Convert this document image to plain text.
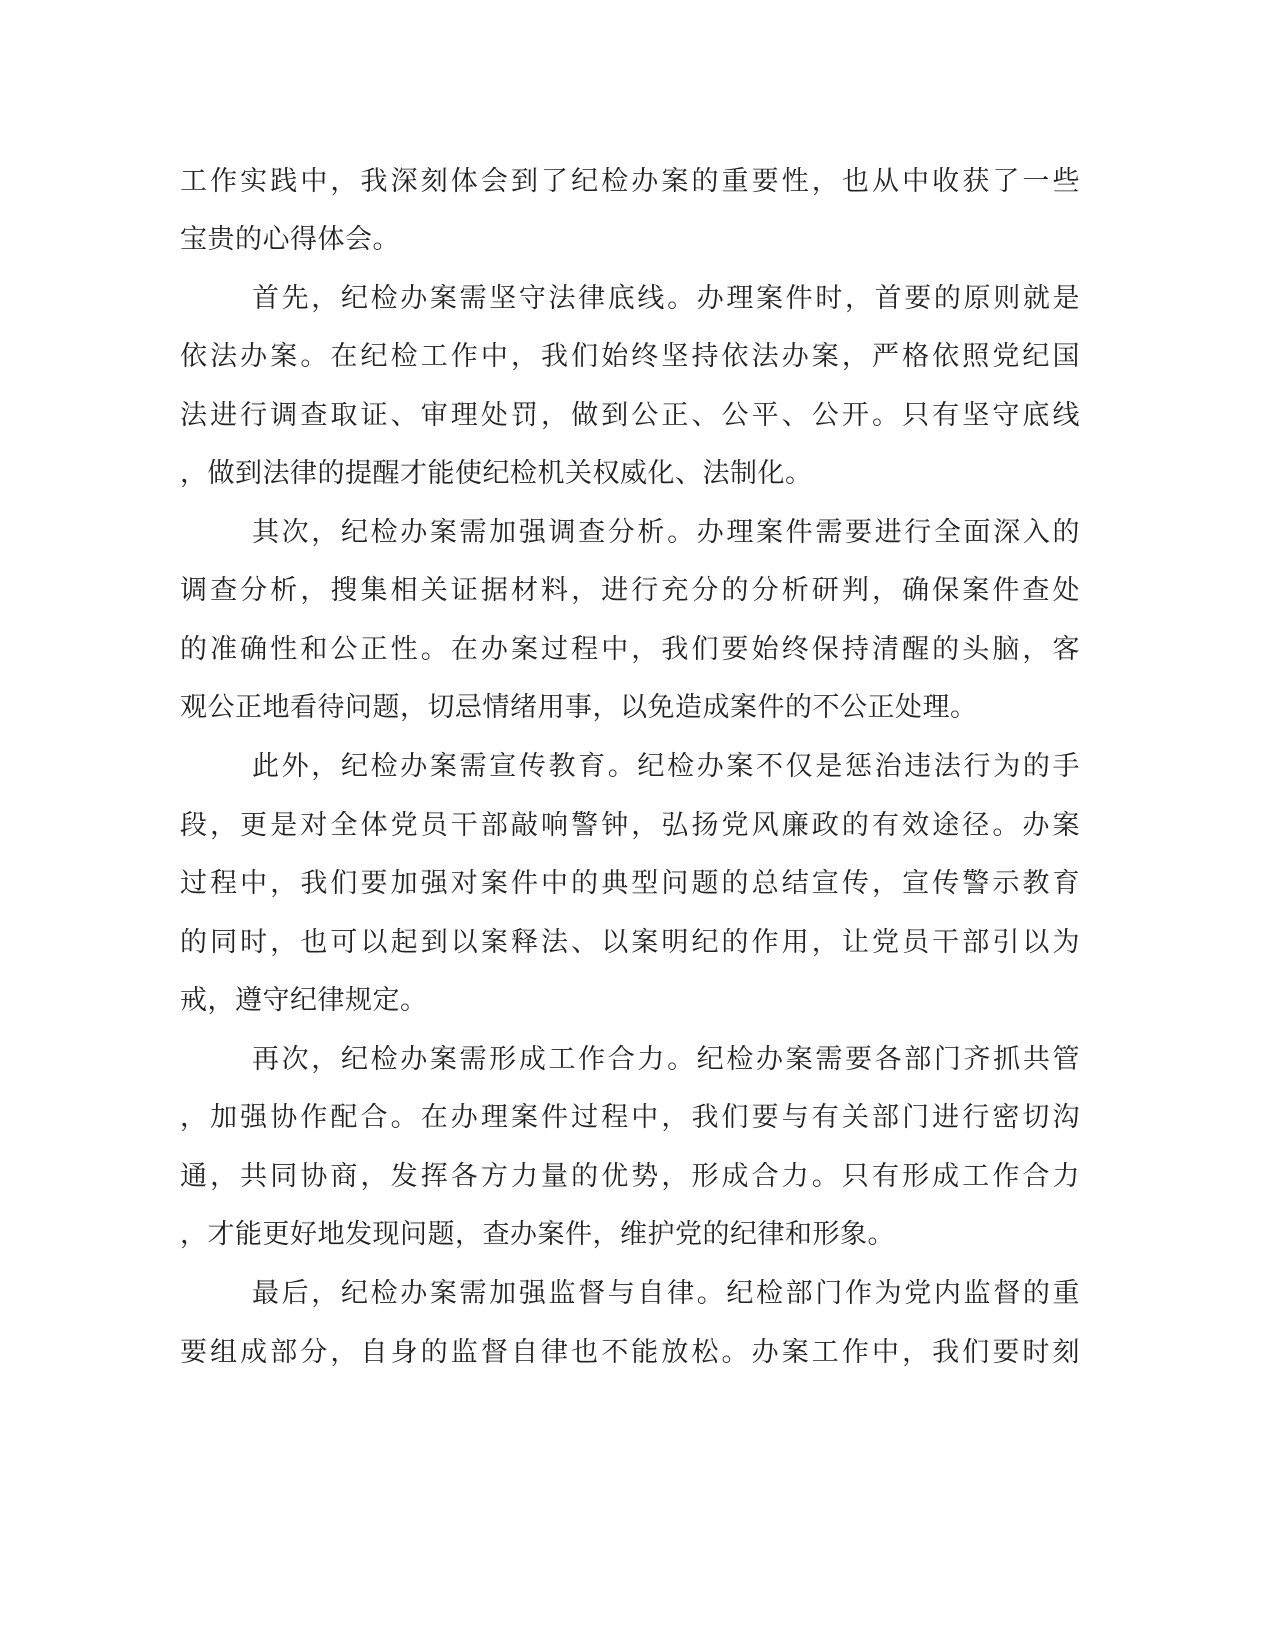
工作实践中，我深刻体会到了纪检办案的重要性，也从中收获了一些
宝贵的心得体会。
首先，纪检办案需坚守法律底线。办理案件时，首要的原则就是
依法办案。在纪检工作中，我们始终坚持依法办案，严格依照党纪国
法进行调查取证、审理处罚，做到公正、公平、公开。只有坚守底线
，做到法律的提醒才能使纪检机关权威化、法制化。
其次，纪检办案需加强调查分析。办理案件需要进行全面深入的
调查分析，搜集相关证据材料，进行充分的分析研判，确保案件查处
的准确性和公正性。在办案过程中，我们要始终保持清醒的头脑，客
观公正地看待问题，切忌情绪用事，以免造成案件的不公正处理。
此外，纪检办案需宣传教育。纪检办案不仅是惩治违法行为的手
段，更是对全体党员干部敲响警钟，弘扬党风廉政的有效途径。办案
过程中，我们要加强对案件中的典型问题的总结宣传，宣传警示教育
的同时，也可以起到以案释法、以案明纪的作用，让党员干部引以为
戒，遵守纪律规定。
再次，纪检办案需形成工作合力。纪检办案需要各部门齐抓共管
，加强协作配合。在办理案件过程中，我们要与有关部门进行密切沟
通，共同协商，发挥各方力量的优势，形成合力。只有形成工作合力
，才能更好地发现问题，查办案件，维护党的纪律和形象。
最后，纪检办案需加强监督与自律。纪检部门作为党内监督的重
要组成部分，自身的监督自律也不能放松。办案工作中，我们要时刻
